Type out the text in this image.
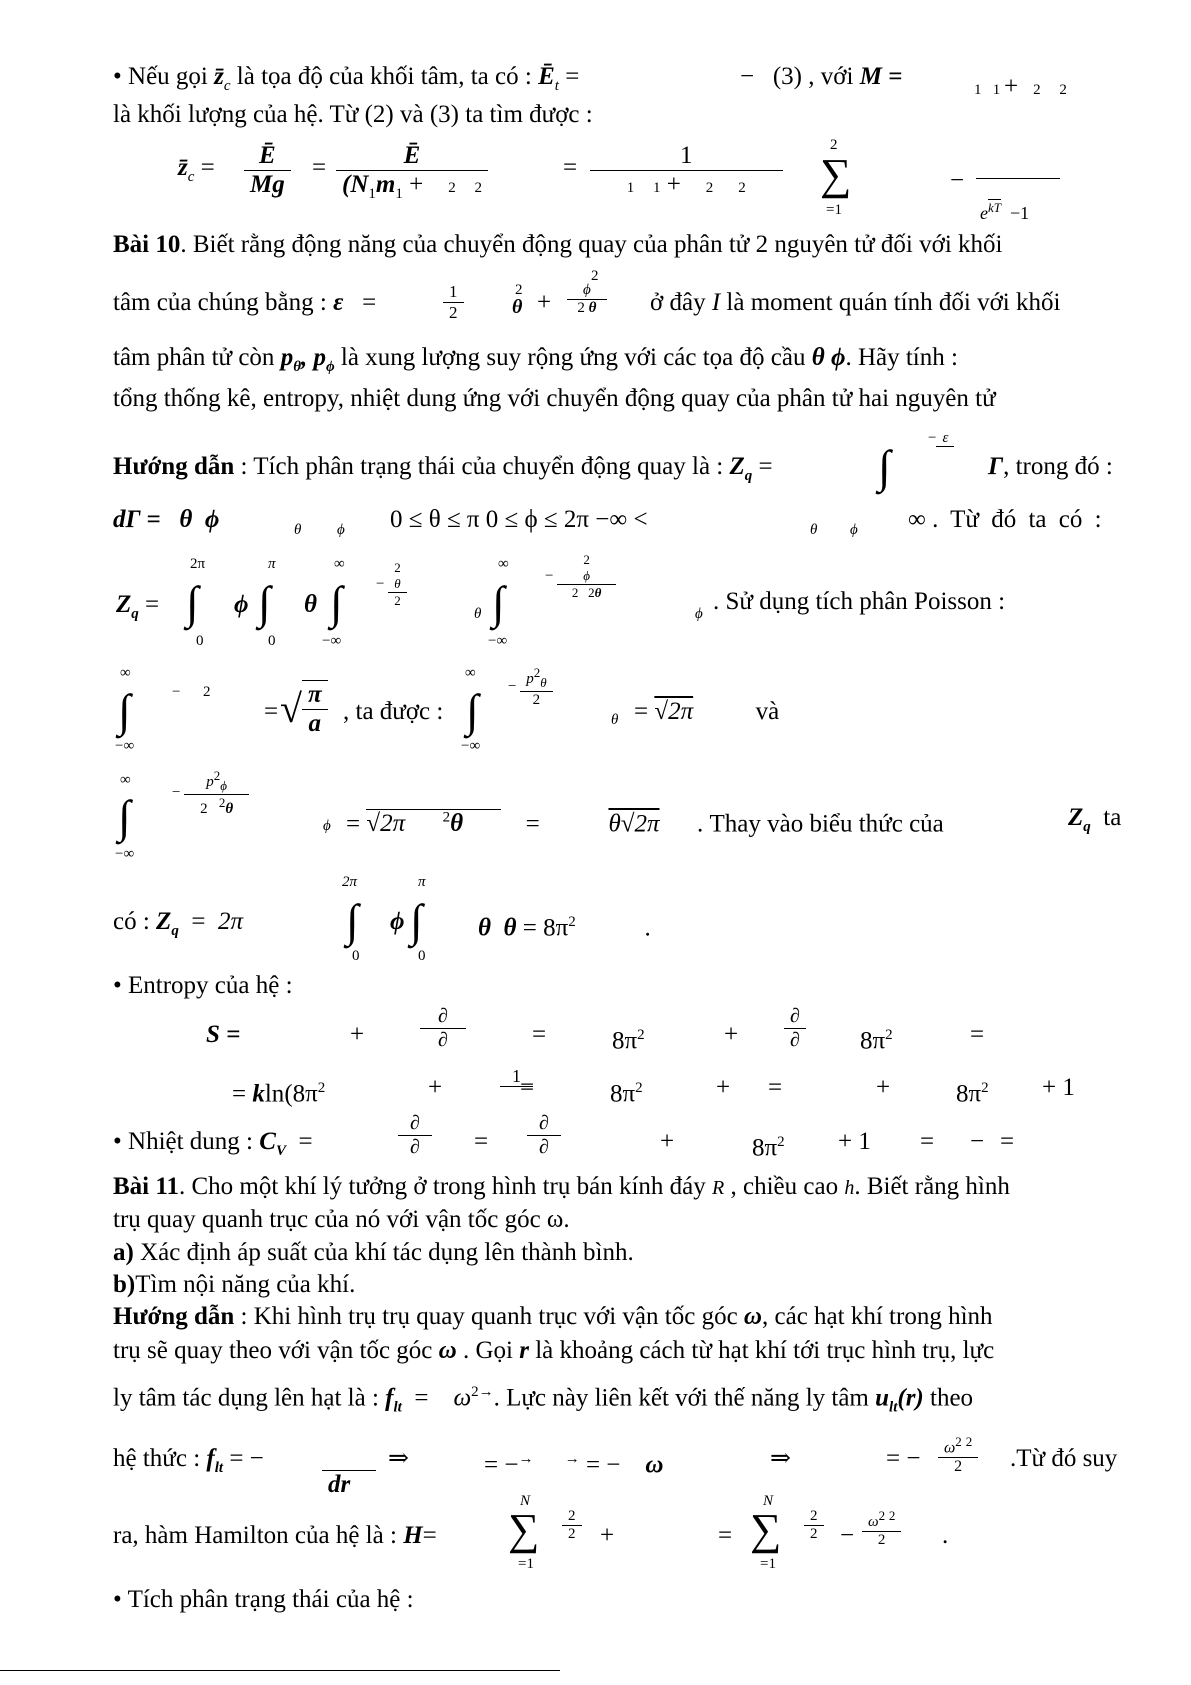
• Nếu gọi $z̄_c$ là tọa độ của khối tâm, ta có : $Ē_t$ =	− (3) , với M =	1 1 + 2 2
là khối lượng của hệ. Từ (2) và (3) ta tìm được :
$z̄_c = \frac{Ē}{Mg} = \frac{Ē}{(N_1m_1 + 2 2}$	= $\frac{1}{1 1 + 2 2}$	2
∑
=1
−
$e^{\overline{kT}} -1$
Bài 10. Biết rằng động năng của chuyển động quay của phân tử 2 nguyên tử đối với khối
tâm của chúng bằng : ε =	$\frac{1}{2}$	2
θ +
2
$\frac{\phi}{2 \theta}$ ở đây I là moment quán tính đối với khối
tâm phân tử còn $p_\theta$, $p_\phi$ là xung lượng suy rộng ứng với các tọa độ cầu θ ϕ. Hãy tính :
tổng thống kê, entropy, nhiệt dung ứng với chuyển động quay của phân tử hai nguyên tử
Hướng dẫn : Tích phân trạng thái của chuyển động quay là : $Z_q$ = ∫
− ε
Γ, trong đó :
dΓ = θ ϕ	θ ϕ 0 ≤ θ ≤ π 0 ≤ ϕ ≤ 2π −∞ <	θ ϕ ∞ . Từ đó ta có :
$Z_q$ =
2π
∫
0
ϕ
π
∫
0
θ
∞
∫
−∞
−
2
θ
2
θ
∞
∫
−∞
−
2
ϕ
2 2θ
ϕ . Sử dụng tích phân Poisson :
∞
∫
−∞
− 2
= √ $\frac{\pi}{a}$ , ta được :
∞
∫
−∞
− $\frac{p^2_\theta}{2}$
θ = √2π	và
∞
∫
−∞
− $\frac{p^2_\phi}{2 ^2\theta}$
ϕ = √2π	$^2$θ	=	θ√2π . Thay vào biểu thức của	$Z_q$ ta
có : $Z_q = 2\pi$
2π
∫
0
ϕ
π
∫
0
θ $\theta = 8\pi^2$	.
• Entropy của hệ :
S =	+	$\frac{\partial}{\partial}$	=	$8\pi^2$	+ $\frac{\partial}{\partial} 8\pi^2$	=
= $kln(8\pi^2$	+	1 =	$8\pi^2$	+ =	+	$8\pi^2 + 1$
• Nhiệt dung : $C_V$ =	$\frac{\partial}{\partial} = \frac{\partial}{\partial}$	+	$8\pi^2 + 1$ = − =
Bài 11. Cho một khí lý tưởng ở trong hình trụ bán kính đáy R , chiều cao h. Biết rằng hình
trụ quay quanh trục của nó với vận tốc góc ω.
a) Xác định áp suất của khí tác dụng lên thành bình.
b)Tìm nội năng của khí.
Hướng dẫn : Khi hình trụ trụ quay quanh trục với vận tốc góc ω, các hạt khí trong hình
trụ sẽ quay theo với vận tốc góc ω . Gọi r là khoảng cách từ hạt khí tới trục hình trụ, lực
ly tâm tác dụng lên hạt là : $f_{lt} = \omega^{2\to}$. Lực này liên kết với thế năng ly tâm $u_{lt}(r)$ theo
hệ thức : $f_{lt}$ = −

dr⃗
⇒	= −→ → = − ω	⇒	= − $\frac{\omega^2 ^2}{2}$ .Từ đó suy
ra, hàm Hamilton của hệ là : H=
N
∑
=1
$\frac{2}{2}$ +	=
N
∑
=1
$\frac{2}{2} - \frac{\omega^2 ^2}{2}$ .
• Tích phân trạng thái của hệ :
